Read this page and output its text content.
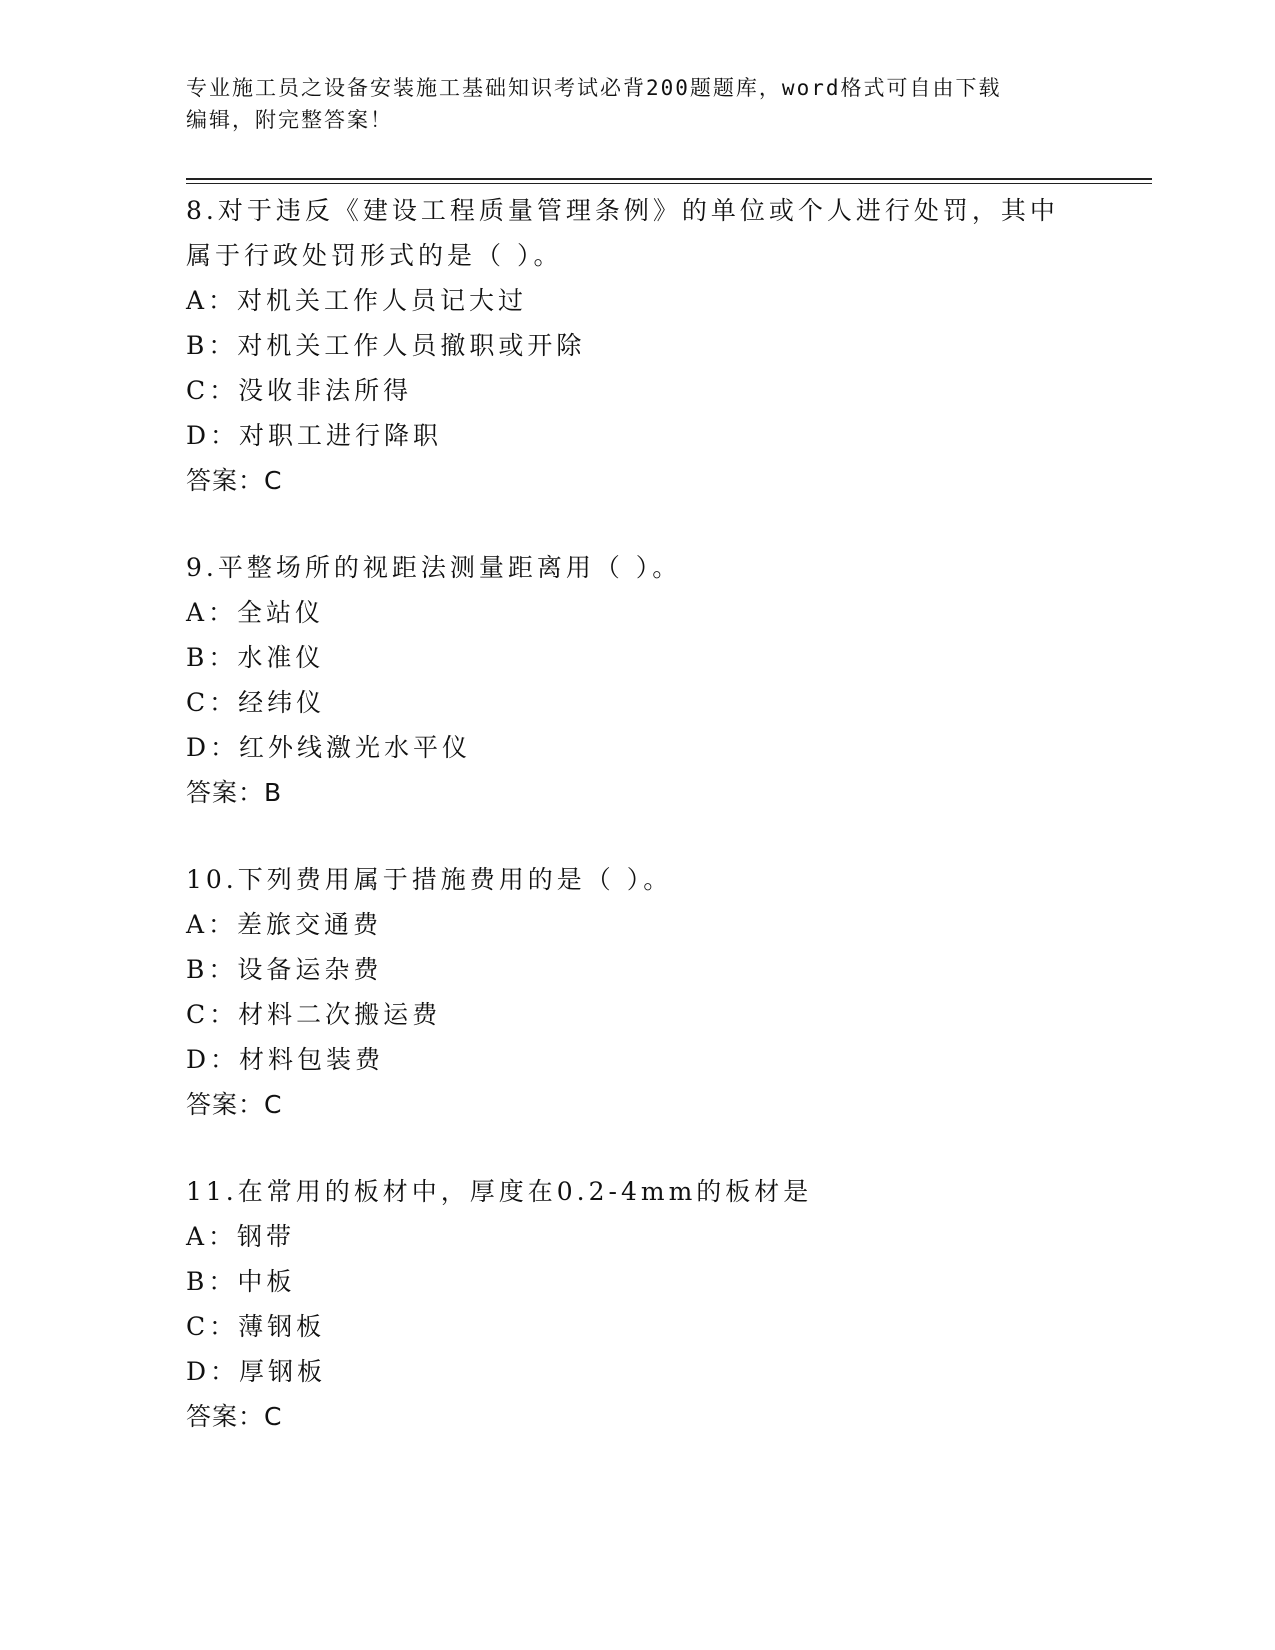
专业施工员之设备安装施工基础知识考试必背200题题库，word格式可自由下载
编辑，附完整答案！
8.对于违反《建设工程质量管理条例》的单位或个人进行处罚，其中属于行政处罚形式的是（ ）。
A：对机关工作人员记大过
B：对机关工作人员撤职或开除
C：没收非法所得
D：对职工进行降职
答案：C
9.平整场所的视距法测量距离用（ ）。
A：全站仪
B：水准仪
C：经纬仪
D：红外线激光水平仪
答案：B
10.下列费用属于措施费用的是（ ）。
A：差旅交通费
B：设备运杂费
C：材料二次搬运费
D：材料包装费
答案：C
11.在常用的板材中，厚度在0.2-4mm的板材是
A：钢带
B：中板
C：薄钢板
D：厚钢板
答案：C
